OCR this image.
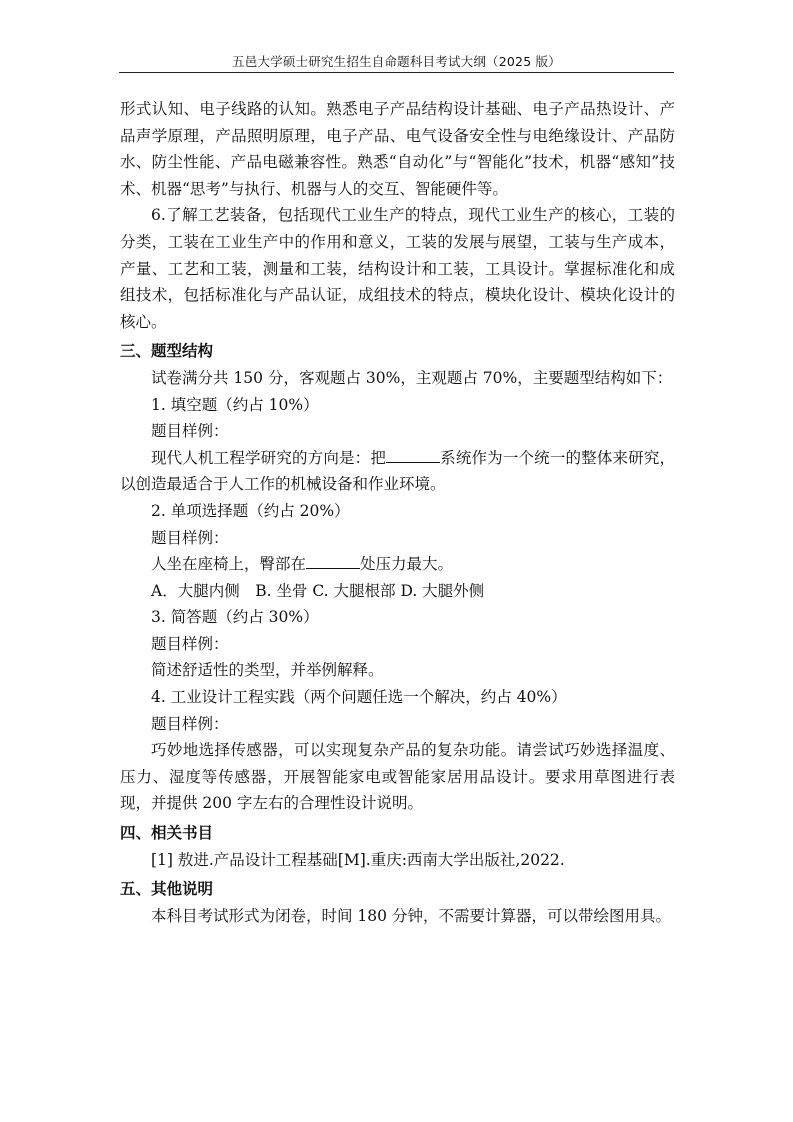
五邑大学硕士研究生招生自命题科目考试大纲（2025 版）

形式认知、电子线路的认知。熟悉电子产品结构设计基础、电子产品热设计、产品声学原理，产品照明原理，电子产品、电气设备安全性与电绝缘设计、产品防水、防尘性能、产品电磁兼容性。熟悉“自动化”与“智能化”技术，机器“感知”技术、机器“思考”与执行、机器与人的交互、智能硬件等。

6.了解工艺装备，包括现代工业生产的特点，现代工业生产的核心，工装的分类，工装在工业生产中的作用和意义，工装的发展与展望，工装与生产成本，产量、工艺和工装，测量和工装，结构设计和工装，工具设计。掌握标准化和成组技术，包括标准化与产品认证，成组技术的特点，模块化设计、模块化设计的核心。

三、题型结构

试卷满分共 150 分，客观题占 30%，主观题占 70%，主要题型结构如下：

1. 填空题（约占 10%）

题目样例：

现代人机工程学研究的方向是：把	系统作为一个统一的整体来研究，以创造最适合于人工作的机械设备和作业环境。

2. 单项选择题（约占 20%）

题目样例：

人坐在座椅上，臀部在	处压力最大。

A．大腿内侧　B. 坐骨 C. 大腿根部 D. 大腿外侧

3. 简答题（约占 30%）

题目样例：

简述舒适性的类型，并举例解释。

4. 工业设计工程实践（两个问题任选一个解决，约占 40%）

题目样例：

巧妙地选择传感器，可以实现复杂产品的复杂功能。请尝试巧妙选择温度、压力、湿度等传感器，开展智能家电或智能家居用品设计。要求用草图进行表现，并提供 200 字左右的合理性设计说明。

四、相关书目

[1] 敖进.产品设计工程基础[M].重庆:西南大学出版社,2022.

五、其他说明

本科目考试形式为闭卷，时间 180 分钟，不需要计算器，可以带绘图用具。
